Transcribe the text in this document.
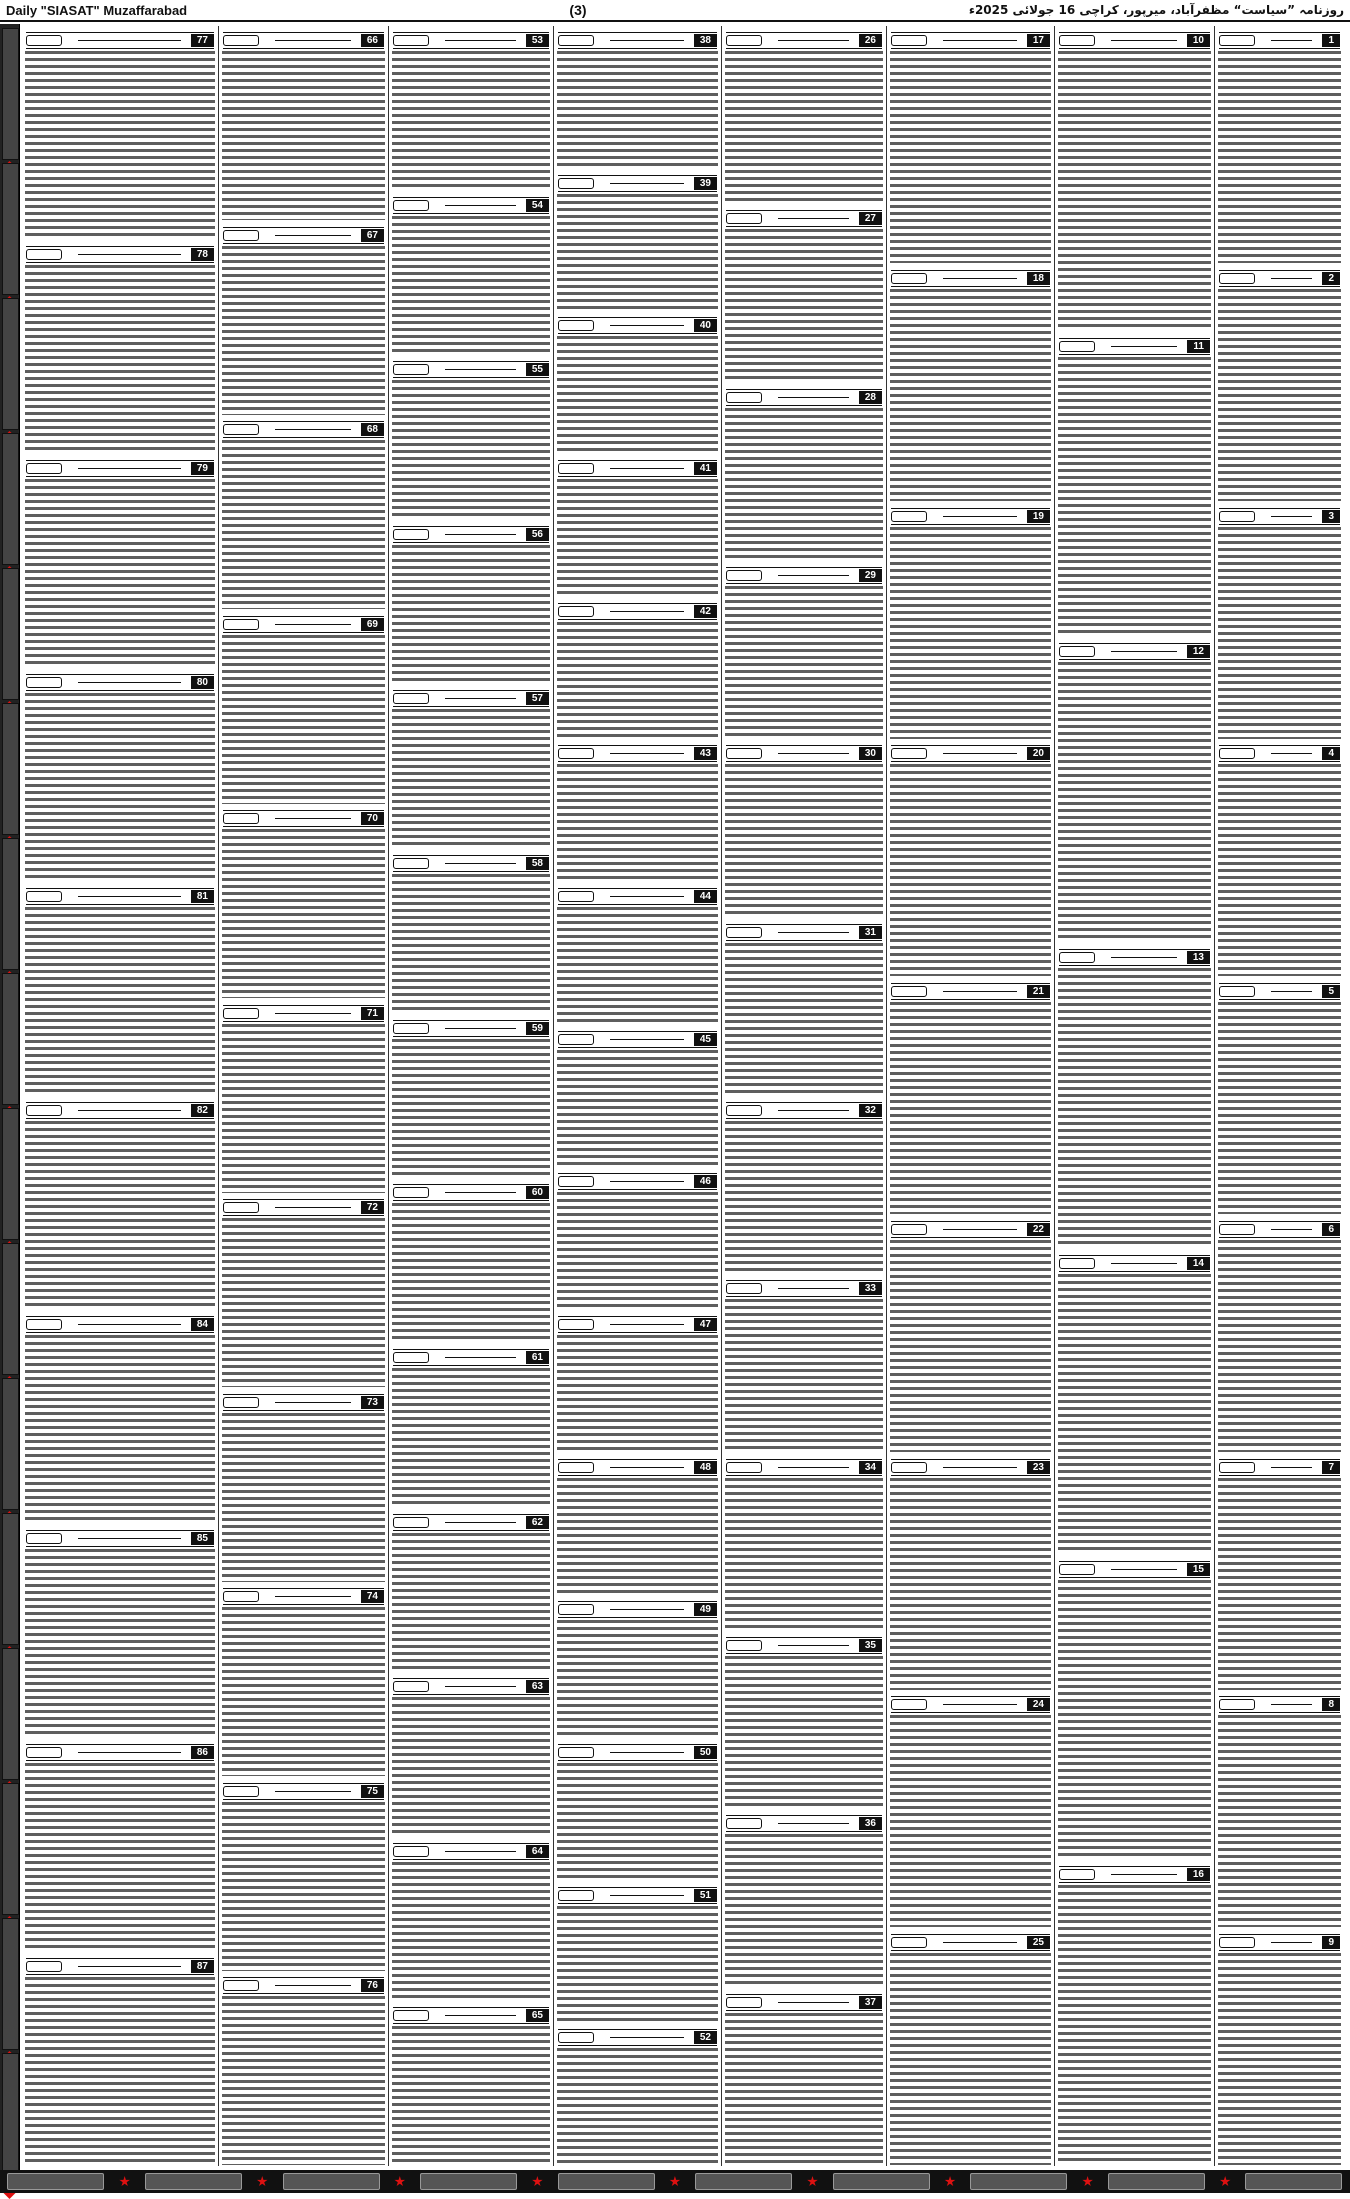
Daily "SIASAT" Muzaffarabad	(3)	روزنامہ ”سیاست“ مظفرآباد، میرپور، کراچی 16 جولائی 2025ء
1
2
3
4
5
6
7
8
9
10
11
12
13
14
15
16
17
18
19
20
21
22
23
24
25
26
27
28
29
30
31
32
33
34
35
36
37
38
39
40
41
42
43
44
45
46
47
48
49
50
51
52
53
54
55
56
57
58
59
60
61
62
63
64
65
66
67
68
69
70
71
72
73
74
75
76
77
78
79
80
81
82
84
85
86
87
